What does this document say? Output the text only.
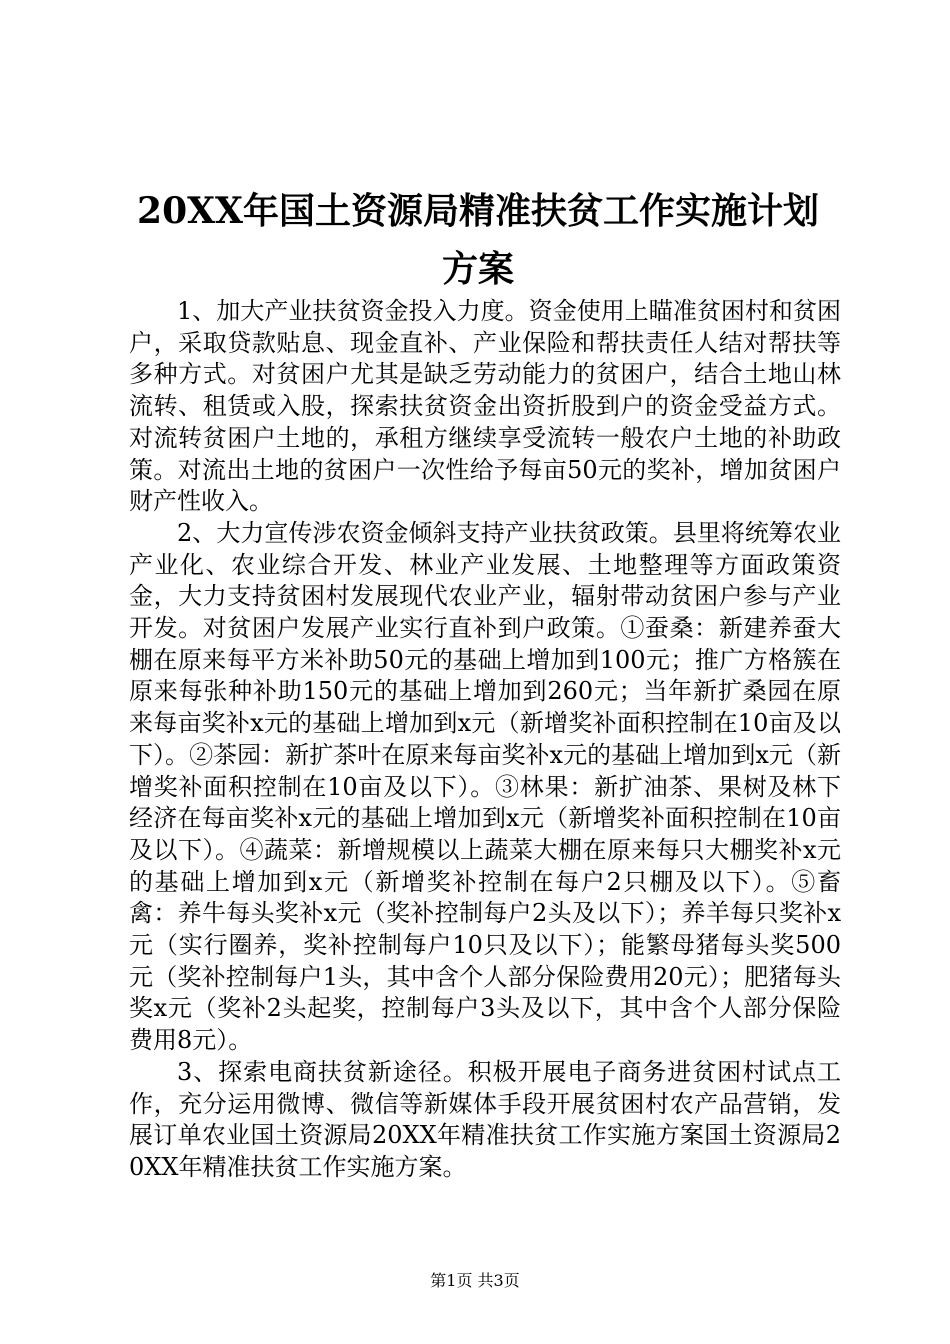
20XX年国土资源局精准扶贫工作实施计划方案

1、加大产业扶贫资金投入力度。资金使用上瞄准贫困村和贫困户，采取贷款贴息、现金直补、产业保险和帮扶责任人结对帮扶等多种方式。对贫困户尤其是缺乏劳动能力的贫困户，结合土地山林流转、租赁或入股，探索扶贫资金出资折股到户的资金受益方式。对流转贫困户土地的，承租方继续享受流转一般农户土地的补助政策。对流出土地的贫困户一次性给予每亩50元的奖补，增加贫困户财产性收入。

2、大力宣传涉农资金倾斜支持产业扶贫政策。县里将统筹农业产业化、农业综合开发、林业产业发展、土地整理等方面政策资金，大力支持贫困村发展现代农业产业，辐射带动贫困户参与产业开发。对贫困户发展产业实行直补到户政策。①蚕桑：新建养蚕大棚在原来每平方米补助50元的基础上增加到100元；推广方格簇在原来每张种补助150元的基础上增加到260元；当年新扩桑园在原来每亩奖补x元的基础上增加到x元（新增奖补面积控制在10亩及以下）。②茶园：新扩茶叶在原来每亩奖补x元的基础上增加到x元（新增奖补面积控制在10亩及以下）。③林果：新扩油茶、果树及林下经济在每亩奖补x元的基础上增加到x元（新增奖补面积控制在10亩及以下）。④蔬菜：新增规模以上蔬菜大棚在原来每只大棚奖补x元的基础上增加到x元（新增奖补控制在每户2只棚及以下）。⑤畜禽：养牛每头奖补x元（奖补控制每户2头及以下）；养羊每只奖补x元（实行圈养，奖补控制每户10只及以下）；能繁母猪每头奖500元（奖补控制每户1头，其中含个人部分保险费用20元）；肥猪每头奖x元（奖补2头起奖，控制每户3头及以下，其中含个人部分保险费用8元）。

3、探索电商扶贫新途径。积极开展电子商务进贫困村试点工作，充分运用微博、微信等新媒体手段开展贫困村农产品营销，发展订单农业国土资源局20XX年精准扶贫工作实施方案国土资源局20XX年精准扶贫工作实施方案。

第1页 共3页
